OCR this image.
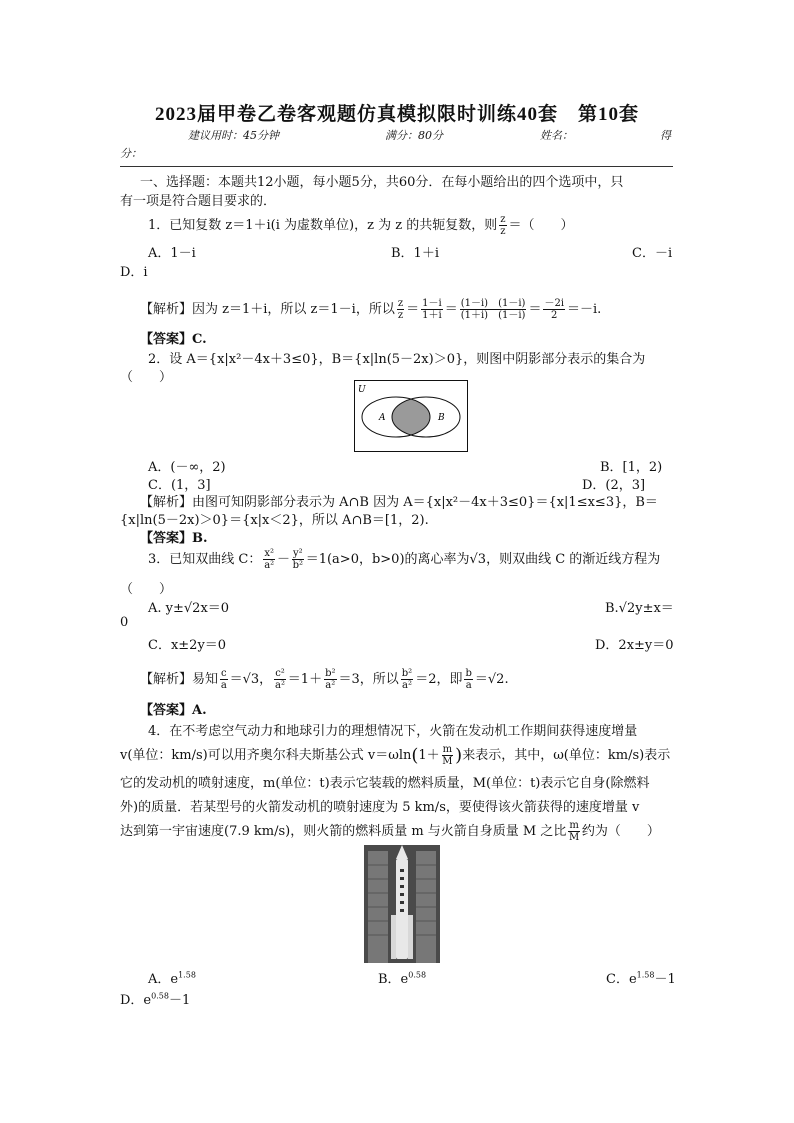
2023届甲卷乙卷客观题仿真模拟限时训练40套　第10套
建议用时：45分钟	满分：80分	姓名：	得
分：
一、选择题：本题共12小题，每小题5分，共60分．在每小题给出的四个选项中，只
有一项是符合题目要求的．
1．已知复数 z＝1＋i(i 为虚数单位)，z 为 z 的共轭复数，则 $\frac{z}{z}$ ＝（　　）
A．1－i	B．1＋i	C．－i
D．i
【解析】因为 z＝1＋i，所以 z＝1－i，所以 $\frac{z}{z} = \frac{1-i}{1+i} = \frac{(1-i) (1-i)}{(1+i) (1-i)} = \frac{-2i}{2} =-i$.
【答案】C.
2．设 A＝{x|x²－4x＋3≤0}，B＝{x|ln(5－2x)＞0}，则图中阴影部分表示的集合为
（　　）
U
A	B
A．(－∞，2)	B．[1，2)
C．(1，3]	D．(2，3]
【解析】由图可知阴影部分表示为 A∩B 因为 A＝{x|x²－4x＋3≤0}＝{x|1≤x≤3}，B＝
{x|ln(5－2x)＞0}＝{x|x＜2}，所以 A∩B＝[1，2).
【答案】B.
3．已知双曲线 C： $\frac{\text{x²}}{\text{a²}} - \frac{\text{y²}}{\text{b²}} =1(a>0$，b>0)的离心率为√3，则双曲线 C 的渐近线方程为
（　　）
A. y±√2x＝0	B.√2y±x＝
0
C．x±2y＝0	D．2x±y＝0
【解析】易知 $\frac{c}{a} =√3$， $\frac{\text{c²}}{\text{a²}} =1+ \frac{\text{b²}}{\text{a²}} =3$，所以 $\frac{\text{b²}}{\text{a²}} =2$，即 $\frac{b}{a} =√2$.
【答案】A.
4．在不考虑空气动力和地球引力的理想情况下，火箭在发动机工作期间获得速度增量
v(单位：km/s)可以用齐奥尔科夫斯基公式 $v=\omega\ln(1+ \frac{m}{M}$ )来表示，其中，ω(单位：km/s)表示
它的发动机的喷射速度，m(单位：t)表示它装载的燃料质量，M(单位：t)表示它自身(除燃料
外)的质量．若某型号的火箭发动机的喷射速度为 5 km/s，要使得该火箭获得的速度增量 v
达到第一宇宙速度(7.9 km/s)，则火箭的燃料质量 m 与火箭自身质量 M 之比 $\frac{m}{M}$ 约为（　　）
A．$e^{1.58}$	B．$e^{0.58}$	C．$e^{1.58}-1$
D．$e^{0.58}-1$
